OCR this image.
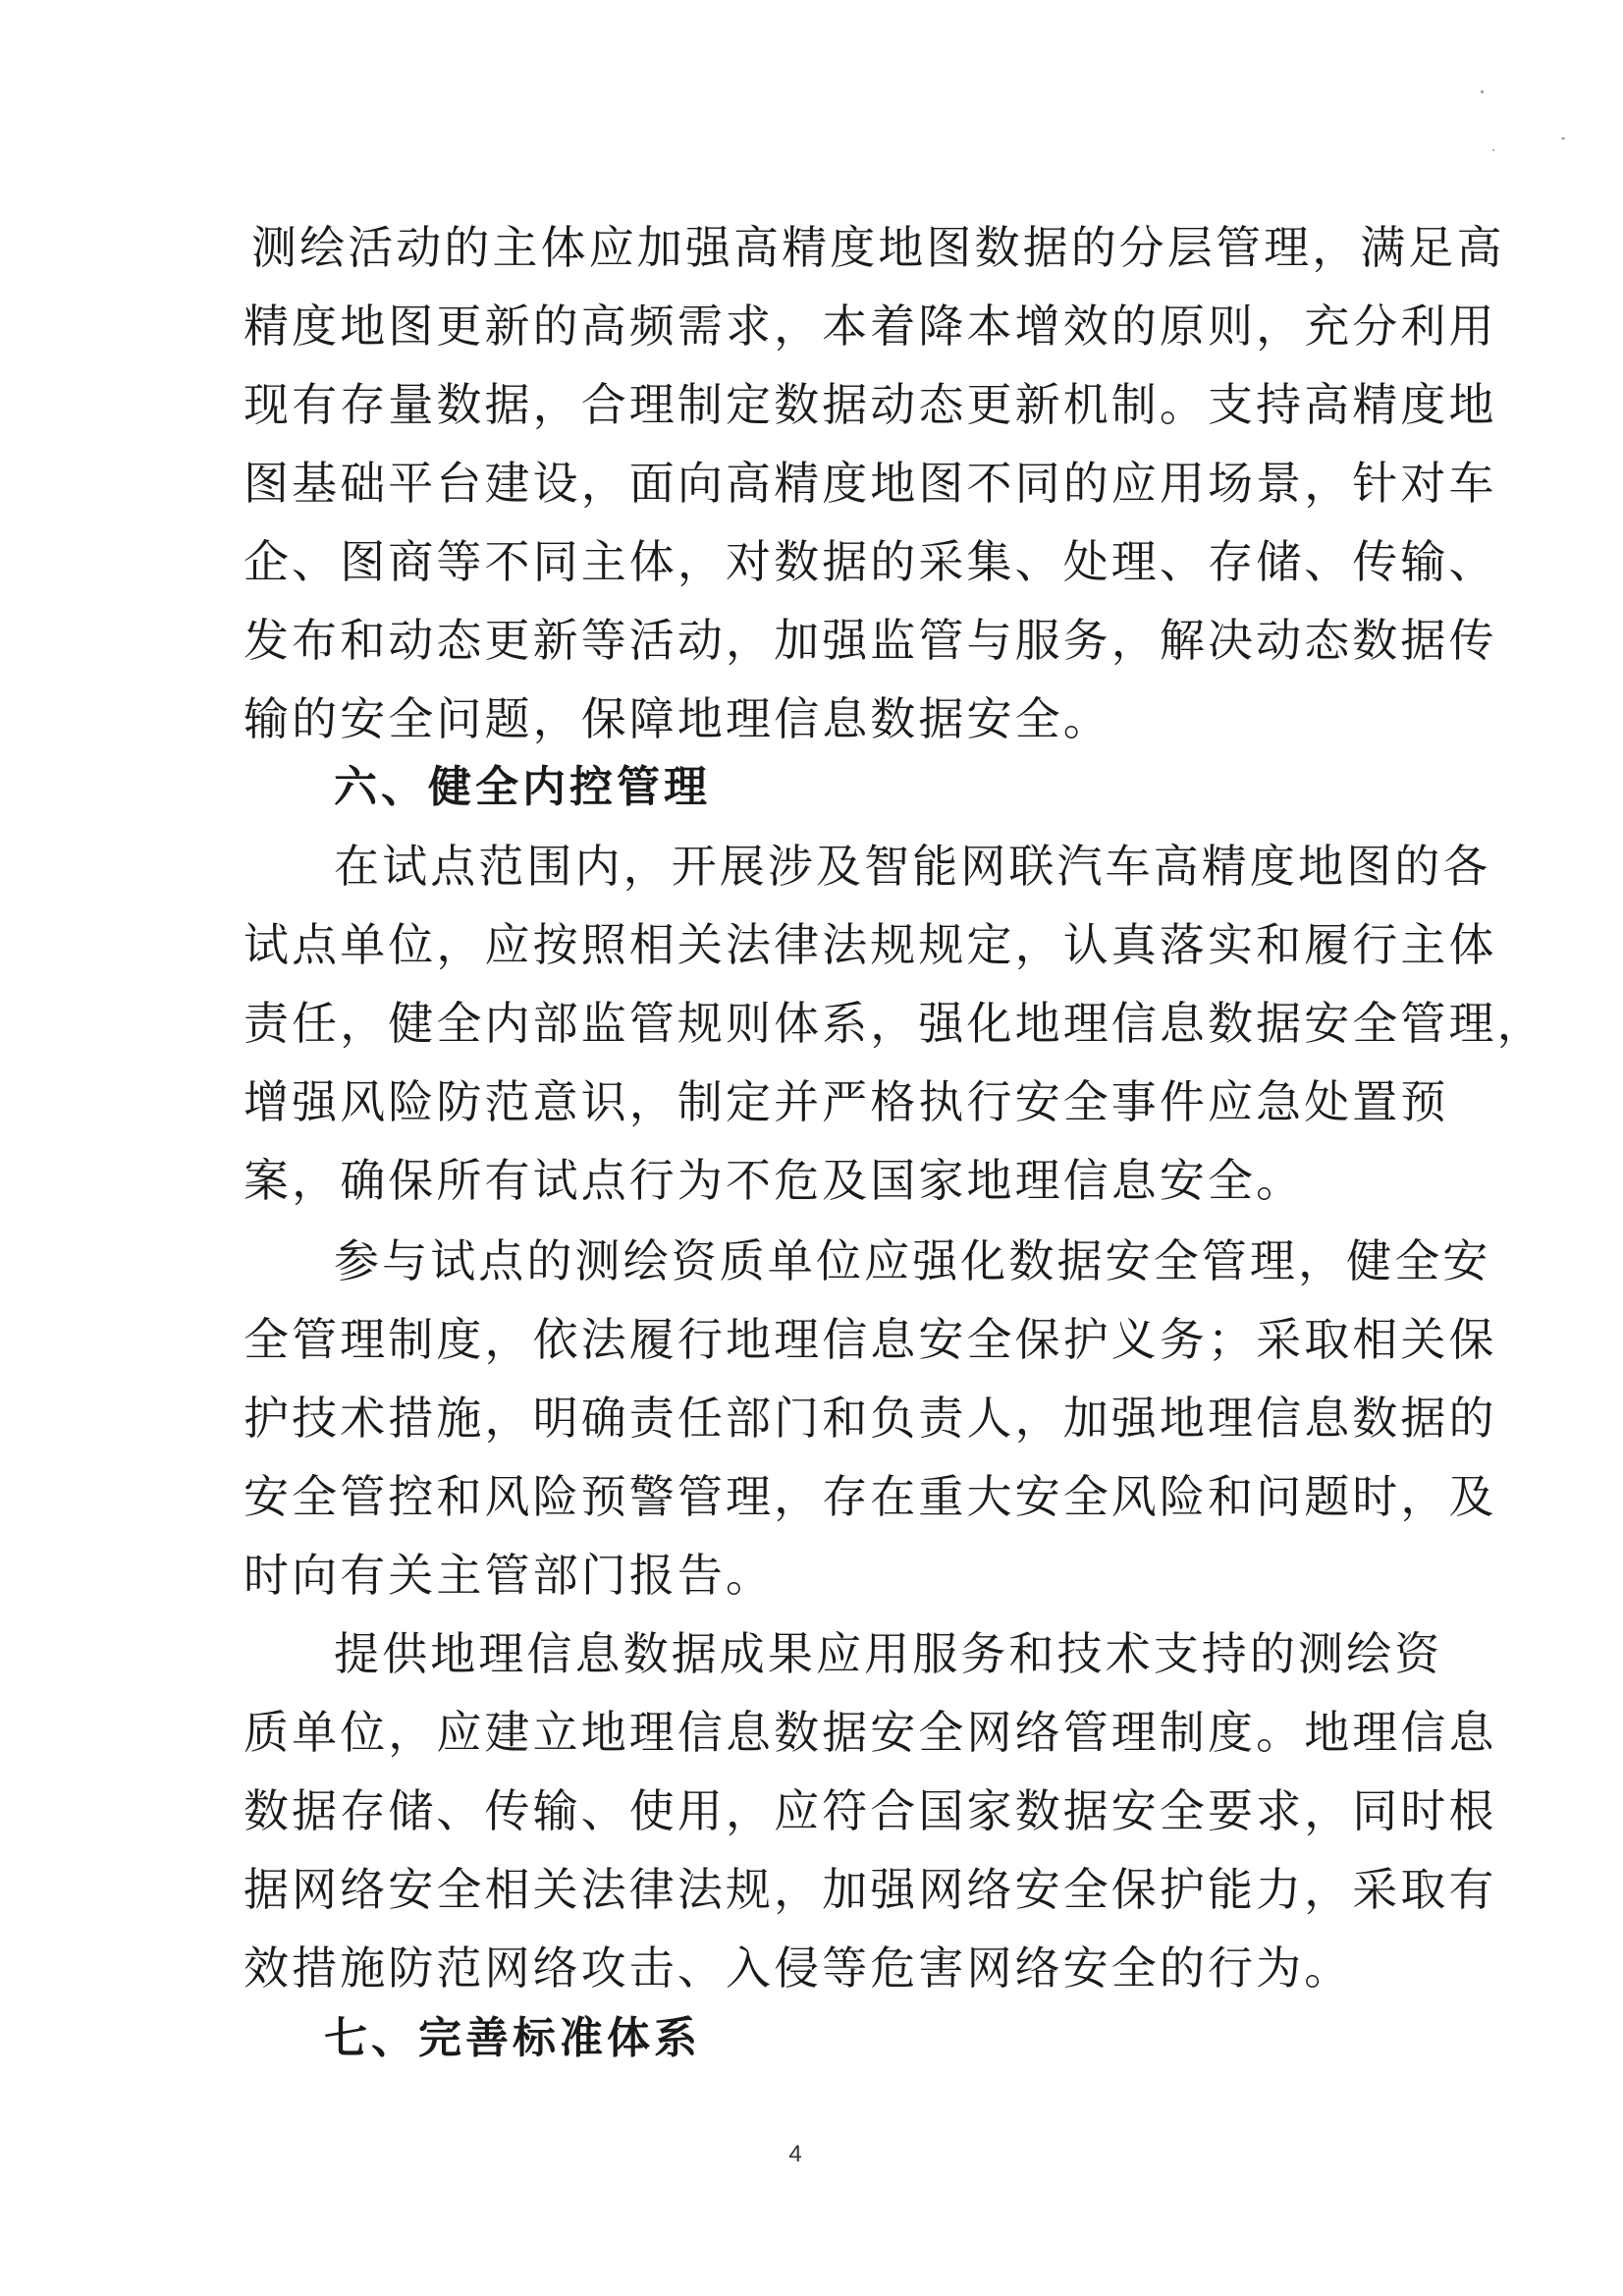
测绘活动的主体应加强高精度地图数据的分层管理，满足高
精度地图更新的高频需求，本着降本增效的原则，充分利用
现有存量数据，合理制定数据动态更新机制。支持高精度地
图基础平台建设，面向高精度地图不同的应用场景，针对车
企、图商等不同主体，对数据的采集、处理、存储、传输、
发布和动态更新等活动，加强监管与服务，解决动态数据传
输的安全问题，保障地理信息数据安全。
六、健全内控管理
在试点范围内，开展涉及智能网联汽车高精度地图的各
试点单位，应按照相关法律法规规定，认真落实和履行主体
责任，健全内部监管规则体系，强化地理信息数据安全管理，
增强风险防范意识，制定并严格执行安全事件应急处置预
案，确保所有试点行为不危及国家地理信息安全。
参与试点的测绘资质单位应强化数据安全管理，健全安
全管理制度，依法履行地理信息安全保护义务；采取相关保
护技术措施，明确责任部门和负责人，加强地理信息数据的
安全管控和风险预警管理，存在重大安全风险和问题时，及
时向有关主管部门报告。
提供地理信息数据成果应用服务和技术支持的测绘资
质单位，应建立地理信息数据安全网络管理制度。地理信息
数据存储、传输、使用，应符合国家数据安全要求，同时根
据网络安全相关法律法规，加强网络安全保护能力，采取有
效措施防范网络攻击、入侵等危害网络安全的行为。
七、完善标准体系
4
